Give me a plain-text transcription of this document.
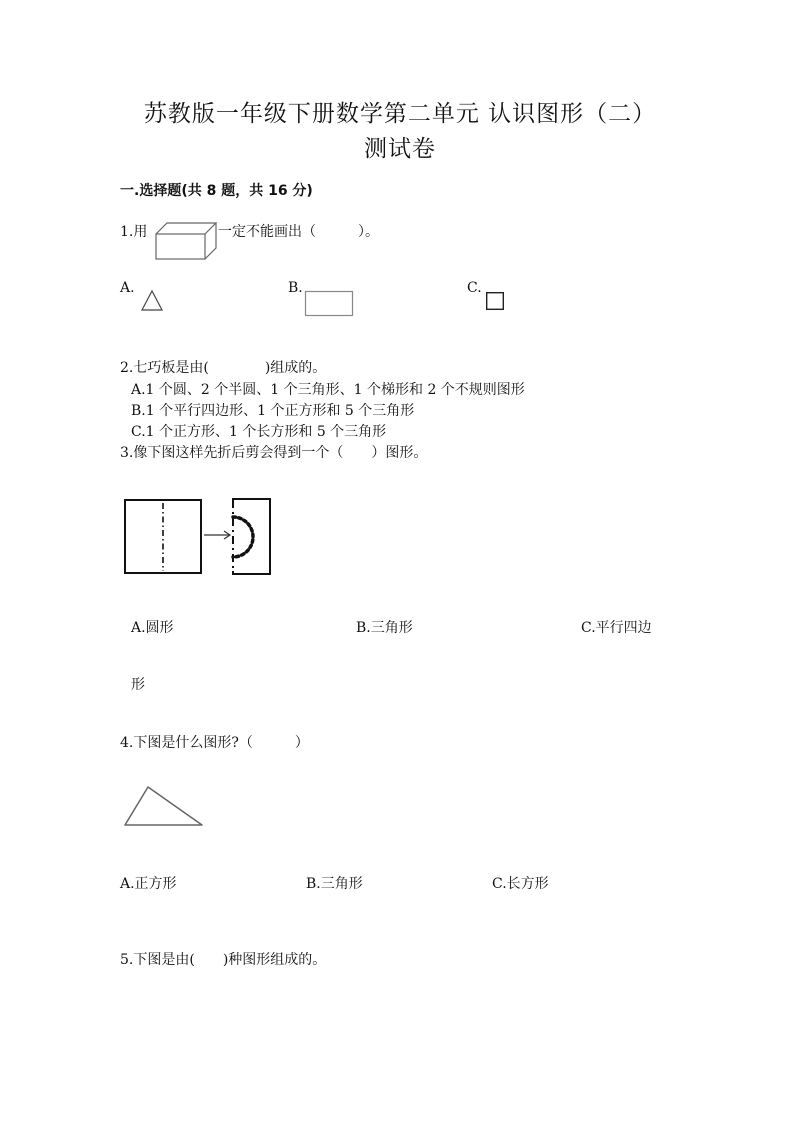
苏教版一年级下册数学第二单元 认识图形（二）
测试卷
一.选择题(共 8 题，共 16 分)
1.用	一定不能画出（　　　）。
A.	B.	C.
2.七巧板是由(　　　　)组成的。
A.1 个圆、2 个半圆、1 个三角形、1 个梯形和 2 个不规则图形
B.1 个平行四边形、1 个正方形和 5 个三角形
C.1 个正方形、1 个长方形和 5 个三角形
3.像下图这样先折后剪会得到一个（　　）图形。
A.圆形	B.三角形	C.平行四边
形
4.下图是什么图形?（　　　）
A.正方形	B.三角形	C.长方形
5.下图是由(　　)种图形组成的。
